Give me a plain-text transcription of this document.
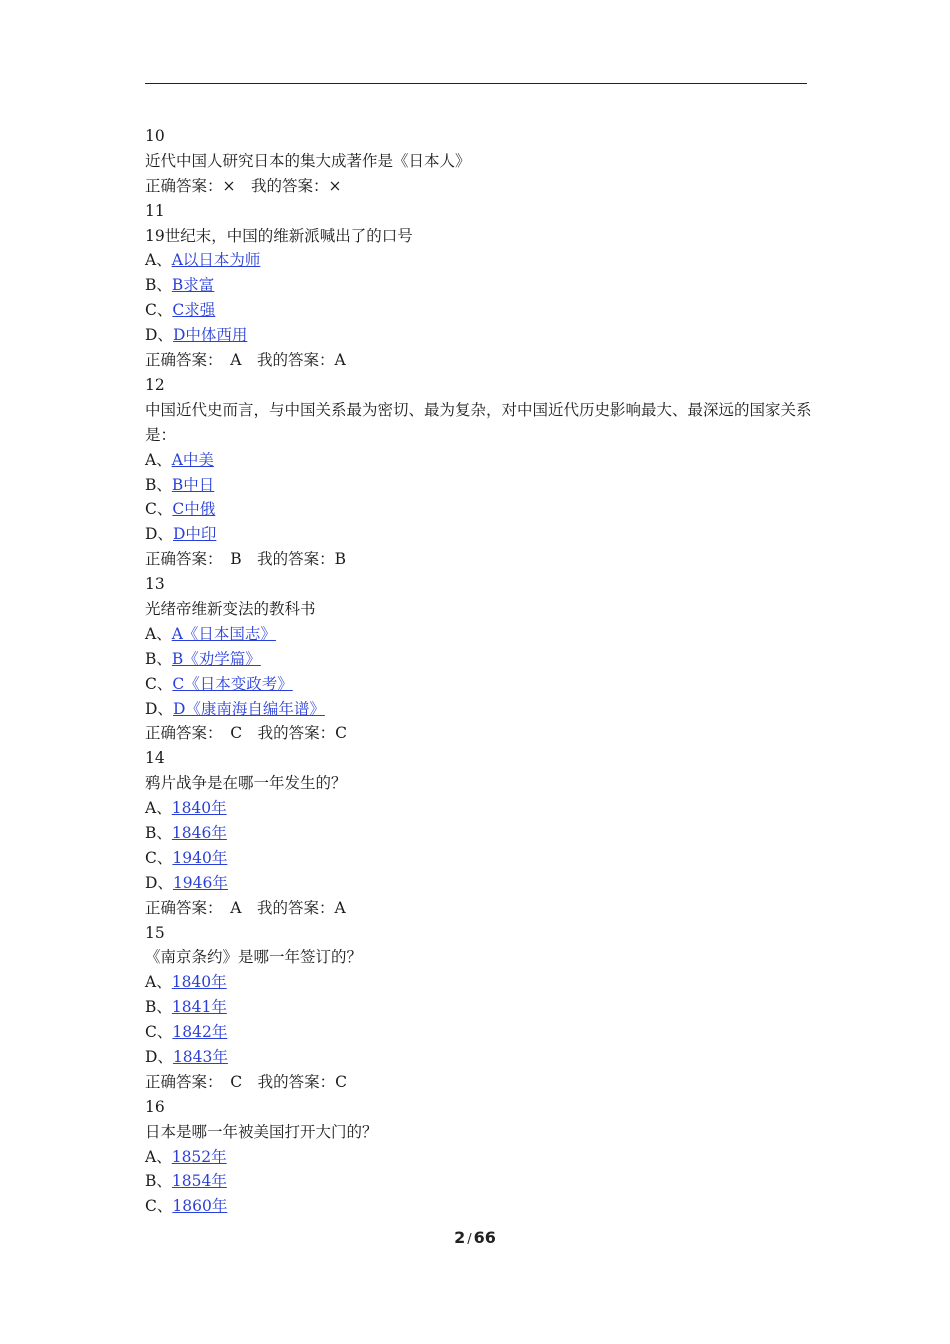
10
近代中国人研究日本的集大成著作是《日本人》
正确答案：×　我的答案：×
11
19世纪末，中国的维新派喊出了的口号
A、A以日本为师
B、B求富
C、C求强
D、D中体西用
正确答案：　A　我的答案：A
12
中国近代史而言，与中国关系最为密切、最为复杂，对中国近代历史影响最大、最深远的国家关系是：
A、A中美
B、B中日
C、C中俄
D、D中印
正确答案：　B　我的答案：B
13
光绪帝维新变法的教科书
A、A《日本国志》
B、B《劝学篇》
C、C《日本变政考》
D、D《康南海自编年谱》
正确答案：　C　我的答案：C
14
鸦片战争是在哪一年发生的？
A、1840年
B、1846年
C、1940年
D、1946年
正确答案：　A　我的答案：A
15
《南京条约》是哪一年签订的？
A、1840年
B、1841年
C、1842年
D、1843年
正确答案：　C　我的答案：C
16
日本是哪一年被美国打开大门的？
A、1852年
B、1854年
C、1860年
2 / 66
